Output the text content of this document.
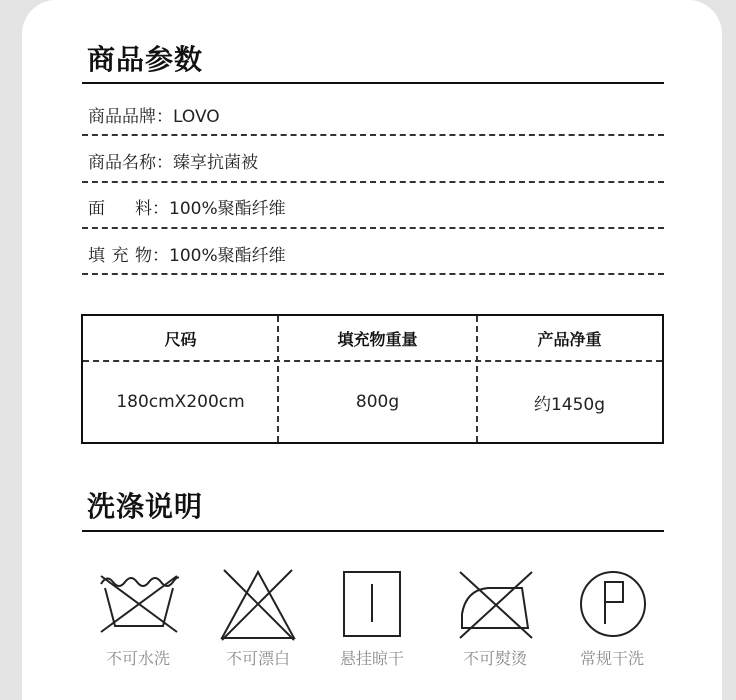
商品参数
商品品牌：LOVO
商品名称：臻享抗菌被
面 料：100%聚酯纤维
填 充 物：100%聚酯纤维
尺码	填充物重量	产品净重
180cmX200cm	800g	约1450g
洗涤说明
不可水洗	不可漂白	悬挂晾干	不可熨烫	常规干洗
